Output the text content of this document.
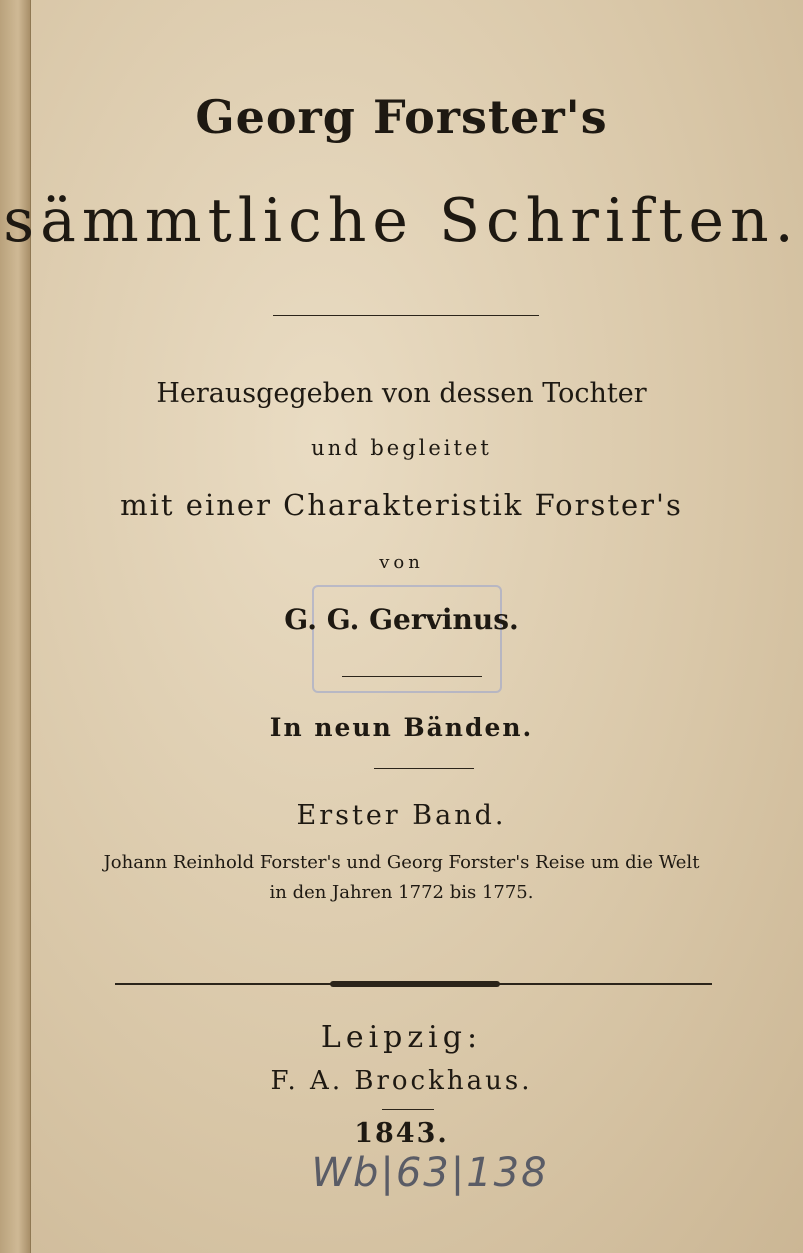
Georg Forster's
sämmtliche Schriften.
Herausgegeben von dessen Tochter
und begleitet
mit einer Charakteristik Forster's
von
G. G. Gervinus.
In neun Bänden.
Erster Band.
Johann Reinhold Forster's und Georg Forster's Reise um die Welt
in den Jahren 1772 bis 1775.
Leipzig:
F. A. Brockhaus.
1843.
Wb|63|138
